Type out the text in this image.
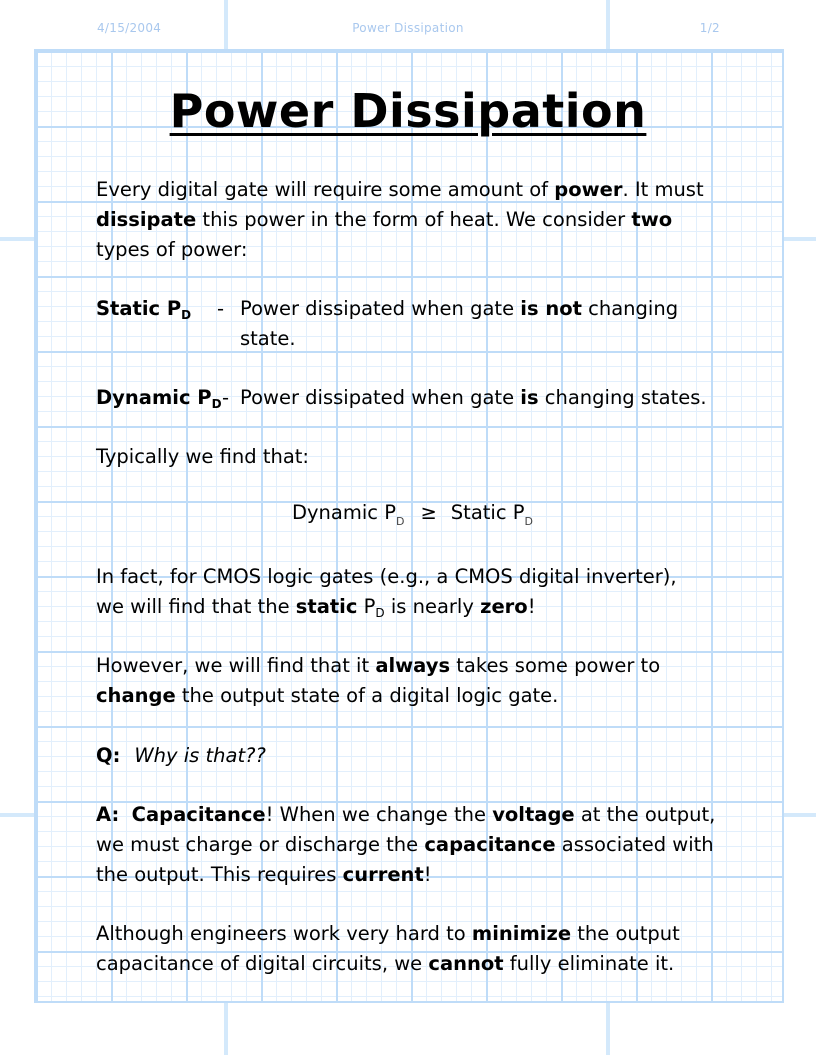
4/15/2004	Power Dissipation	1/2
Power Dissipation
Every digital gate will require some amount of power. It must
dissipate this power in the form of heat. We consider two
types of power:
Static $P_D$ - Power dissipated when gate is not changing
state.
Dynamic $P_D$ - Power dissipated when gate is changing states.
Typically we find that:
Dynamic $P_D$ ≥ Static $P_D$
In fact, for CMOS logic gates (e.g., a CMOS digital inverter),
we will find that the static $P_D$ is nearly zero!
However, we will find that it always takes some power to
change the output state of a digital logic gate.
Q: Why is that??
A: Capacitance! When we change the voltage at the output,
we must charge or discharge the capacitance associated with
the output. This requires current!
Although engineers work very hard to minimize the output
capacitance of digital circuits, we cannot fully eliminate it.
